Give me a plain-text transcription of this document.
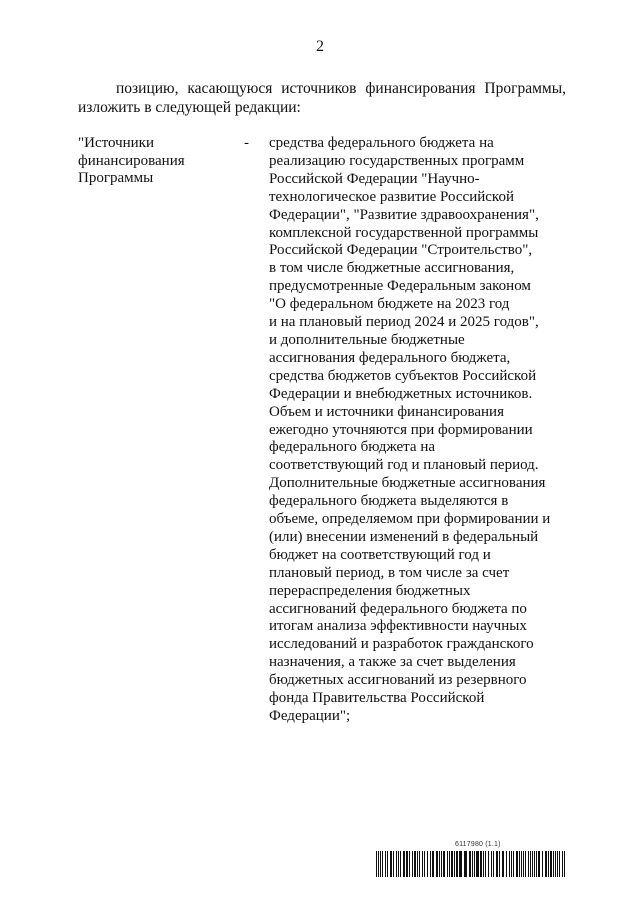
2
позицию, касающуюся источников финансирования Программы,
изложить в следующей редакции:
"Источники
финансирования
Программы
- средства федерального бюджета на
реализацию государственных программ
Российской Федерации "Научно-
технологическое развитие Российской
Федерации", "Развитие здравоохранения",
комплексной государственной программы
Российской Федерации "Строительство",
в том числе бюджетные ассигнования,
предусмотренные Федеральным законом
"О федеральном бюджете на 2023 год
и на плановый период 2024 и 2025 годов",
и дополнительные бюджетные
ассигнования федерального бюджета,
средства бюджетов субъектов Российской
Федерации и внебюджетных источников.
Объем и источники финансирования
ежегодно уточняются при формировании
федерального бюджета на
соответствующий год и плановый период.
Дополнительные бюджетные ассигнования
федерального бюджета выделяются в
объеме, определяемом при формировании и
(или) внесении изменений в федеральный
бюджет на соответствующий год и
плановый период, в том числе за счет
перераспределения бюджетных
ассигнований федерального бюджета по
итогам анализа эффективности научных
исследований и разработок гражданского
назначения, а также за счет выделения
бюджетных ассигнований из резервного
фонда Правительства Российской
Федерации";
6117980 (1.1)
